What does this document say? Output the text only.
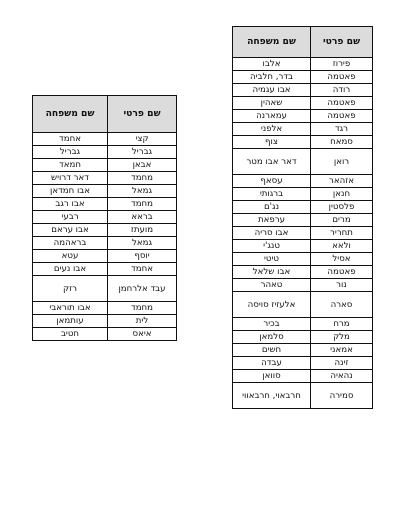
שם פרטי	שם משפחה
קצי	אחמד
גבריל	גבריל
אבאן	חמאד
מחמד	דאר דרויש
גמאל	אבו חמדאן
מחמד	אבו רגב
בראא	רבעי
מועתז	אבו עראם
גמאל	בראהמה
יוסף	עטא
אחמד	אבו נעים
עבד אלרחמן	רזק
מחמד	אבו תוראבי
לית	עותמאן
איאס	חטיב
שם פרטי	שם משפחה
פירוז	אלבו
פאטמה	בדר, חלביה
רודה	אבו עגמיה
פאטמה	שאהין
פאטמה	עמארנה
רגד	אלפני
סמאח	צוף
רואן	דאר אבו מטר
אזהאר	עסאף
חנאן	ברגותי
פלסטין	נג'ם
מרים	ערפאת
תחריר	אבו סריה
ולאא	טנג'י
אסיל	טיטי
פאטמה	אבו שלאל
נור	טאהר
סארה	אלעזיז סויסה
מרח	בכיר
מלק	סלמאן
אמאני	חשים
זינה	עבדה
נהאיה	סוואן
סמירה	חרבאוי, חרבאווי
